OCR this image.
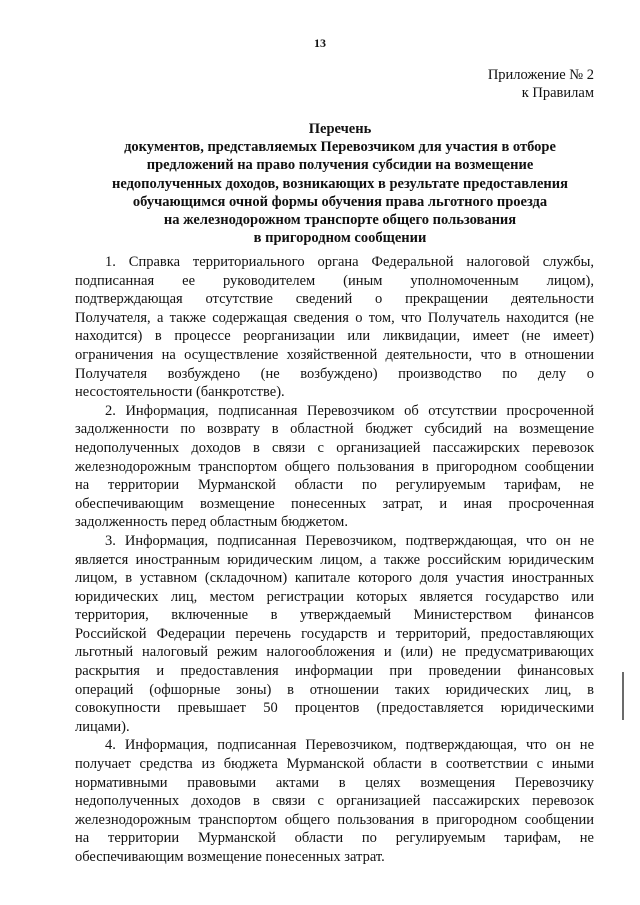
13
Приложение № 2
к Правилам
Перечень
документов, представляемых Перевозчиком для участия в отборе
предложений на право получения субсидии на возмещение
недополученных доходов, возникающих в результате предоставления
обучающимся очной формы обучения права льготного проезда
на железнодорожном транспорте общего пользования
в пригородном сообщении
1. Справка территориального органа Федеральной налоговой службы,
подписанная ее руководителем (иным уполномоченным лицом),
подтверждающая отсутствие сведений о прекращении деятельности
Получателя, а также содержащая сведения о том, что Получатель находится (не
находится) в процессе реорганизации или ликвидации, имеет (не имеет)
ограничения на осуществление хозяйственной деятельности, что в отношении
Получателя возбуждено (не возбуждено) производство по делу о
несостоятельности (банкротстве).
2. Информация, подписанная Перевозчиком об отсутствии просроченной
задолженности по возврату в областной бюджет субсидий на возмещение
недополученных доходов в связи с организацией пассажирских перевозок
железнодорожным транспортом общего пользования в пригородном сообщении
на территории Мурманской области по регулируемым тарифам, не
обеспечивающим возмещение понесенных затрат, и иная просроченная
задолженность перед областным бюджетом.
3. Информация, подписанная Перевозчиком, подтверждающая, что он не
является иностранным юридическим лицом, а также российским юридическим
лицом, в уставном (складочном) капитале которого доля участия иностранных
юридических лиц, местом регистрации которых является государство или
территория, включенные в утверждаемый Министерством финансов
Российской Федерации перечень государств и территорий, предоставляющих
льготный налоговый режим налогообложения и (или) не предусматривающих
раскрытия и предоставления информации при проведении финансовых
операций (офшорные зоны) в отношении таких юридических лиц, в
совокупности превышает 50 процентов (предоставляется юридическими
лицами).
4. Информация, подписанная Перевозчиком, подтверждающая, что он не
получает средства из бюджета Мурманской области в соответствии с иными
нормативными правовыми актами в целях возмещения Перевозчику
недополученных доходов в связи с организацией пассажирских перевозок
железнодорожным транспортом общего пользования в пригородном сообщении
на территории Мурманской области по регулируемым тарифам, не
обеспечивающим возмещение понесенных затрат.
